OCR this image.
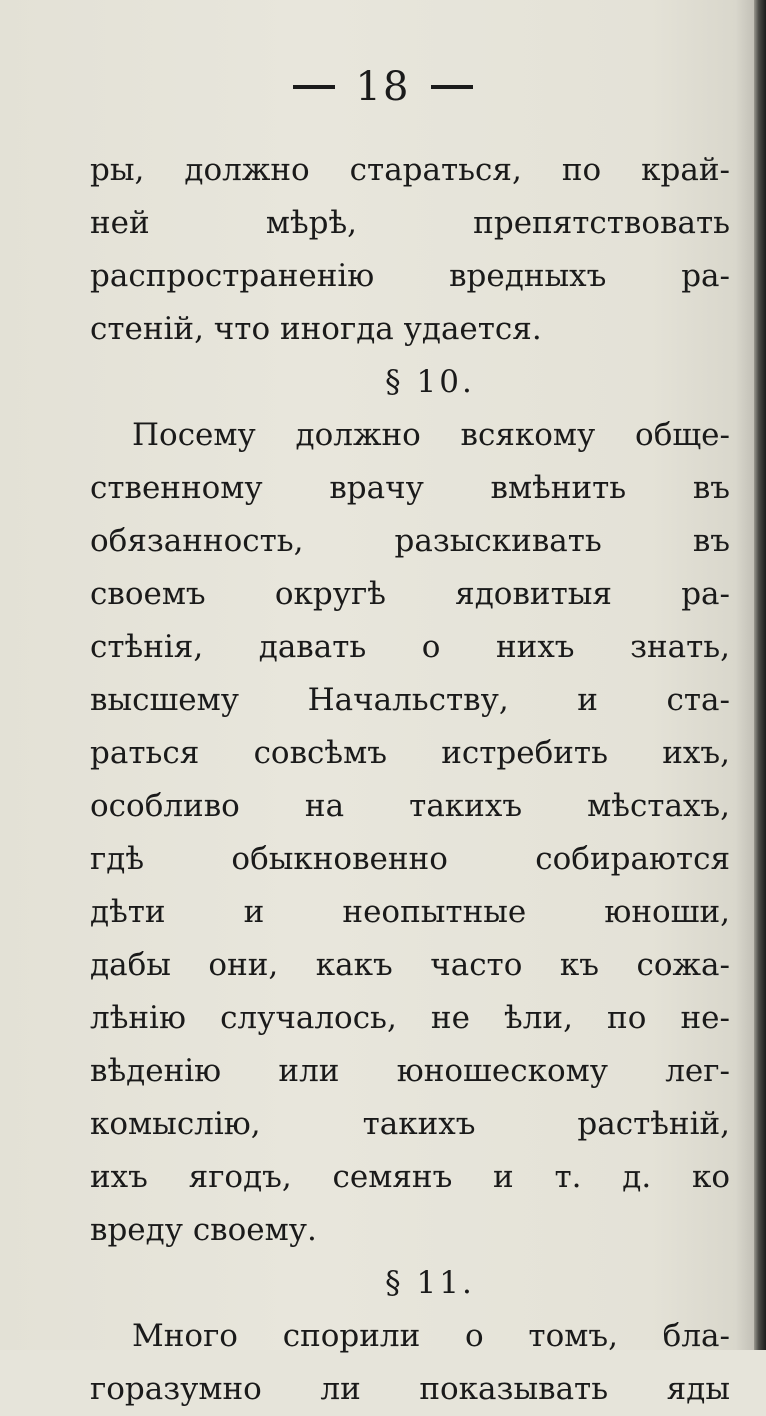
18
ры, должно стараться, по край-
ней мѣрѣ, препятствовать
распространенію вредныхъ ра-
стеній, что иногда удается.
§ 10.
Посему должно всякому обще-
ственному врачу вмѣнить въ
обязанность, разыскивать въ
своемъ округѣ ядовитыя ра-
стѣнія, давать о нихъ знать,
высшему Начальству, и ста-
раться совсѣмъ истребить ихъ,
особливо на такихъ мѣстахъ,
гдѣ обыкновенно собираются
дѣти и неопытные юноши,
дабы они, какъ часто къ сожа-
лѣнію случалось, не ѣли, по не-
вѣденію или юношескому лег-
комыслію, такихъ растѣній,
ихъ ягодъ, семянъ и т. д. ко
вреду своему.
§ 11.
Много спорили о томъ, бла-
горазумно ли показывать яды
